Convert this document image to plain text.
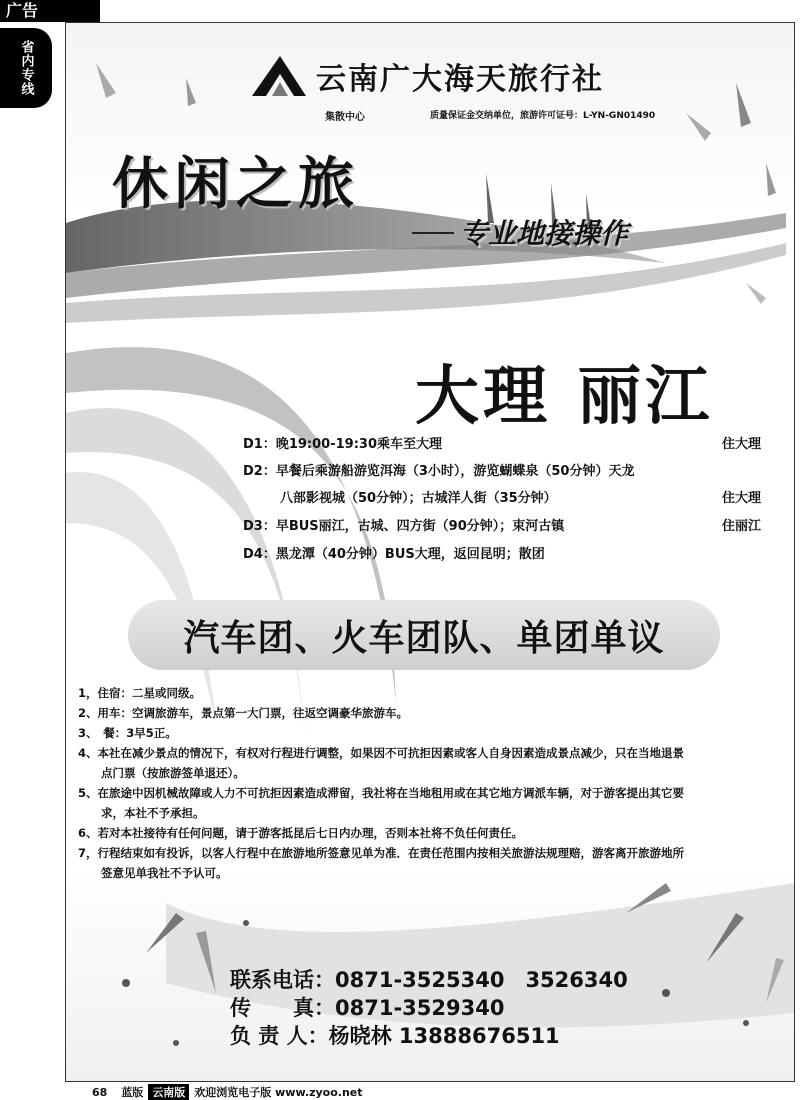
广告
省内专线	云南广大海天旅行社
集散中心	质量保证金交纳单位，旅游许可证号：L-YN-GN01490
休闲之旅
专业地接操作
大理 丽江
D1：晚19:00-19:30乘车至大理	住大理
D2：早餐后乘游船游览洱海（3小时），游览蝴蝶泉（50分钟）天龙
八部影视城（50分钟）；古城洋人街（35分钟）	住大理
D3：早BUS丽江，古城、四方街（90分钟）；束河古镇	住丽江
D4：黑龙潭（40分钟）BUS大理，返回昆明；散团
汽车团、火车团队、单团单议
1，住宿：二星或同级。
2、用车：空调旅游车，景点第一大门票，往返空调豪华旅游车。
3、　餐：3早5正。
4、本社在减少景点的情况下，有权对行程进行调整，如果因不可抗拒因素或客人自身因素造成景点减少，只在当地退景
点门票（按旅游签单退还）。
5、在旅途中因机械故障或人力不可抗拒因素造成滞留，我社将在当地租用或在其它地方调派车辆，对于游客提出其它要
求，本社不予承担。
6、若对本社接待有任何问题，请于游客抵昆后七日内办理，否则本社将不负任何责任。
7，行程结束如有投诉，以客人行程中在旅游地所签意见单为准．在责任范围内按相关旅游法规理赔，游客离开旅游地所
签意见单我社不予认可。
联系电话：0871-3525340　3526340
传　　真：0871-3529340
负 责 人：杨晓林 13888676511
68 蓝版 云南版 欢迎浏览电子版 www.zyoo.net
